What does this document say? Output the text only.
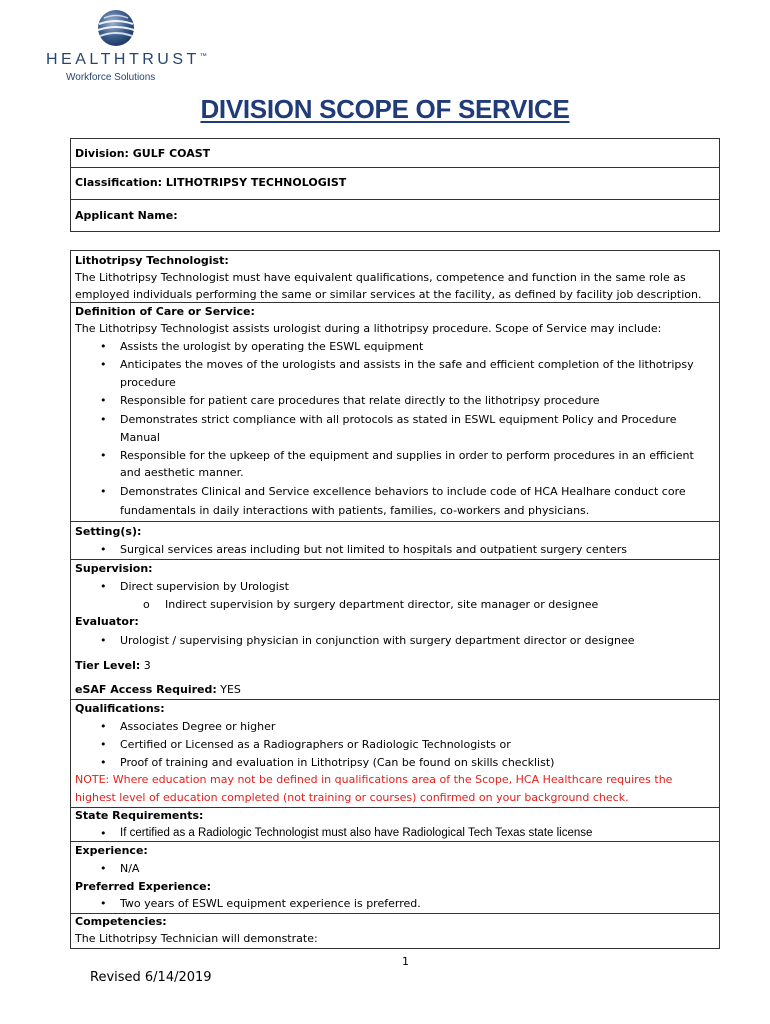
HEALTHTRUST™
Workforce Solutions
DIVISION SCOPE OF SERVICE
Division: GULF COAST
Classification: LITHOTRIPSY TECHNOLOGIST
Applicant Name:
Lithotripsy Technologist:
The Lithotripsy Technologist must have equivalent qualifications, competence and function in the same role as
employed individuals performing the same or similar services at the facility, as defined by facility job description.
Definition of Care or Service:
The Lithotripsy Technologist assists urologist during a lithotripsy procedure. Scope of Service may include:
• Assists the urologist by operating the ESWL equipment
• Anticipates the moves of the urologists and assists in the safe and efficient completion of the lithotripsy
procedure
• Responsible for patient care procedures that relate directly to the lithotripsy procedure
• Demonstrates strict compliance with all protocols as stated in ESWL equipment Policy and Procedure
Manual
• Responsible for the upkeep of the equipment and supplies in order to perform procedures in an efficient
and aesthetic manner.
• Demonstrates Clinical and Service excellence behaviors to include code of HCA Healhare conduct core
fundamentals in daily interactions with patients, families, co-workers and physicians.
Setting(s):
• Surgical services areas including but not limited to hospitals and outpatient surgery centers
Supervision:
• Direct supervision by Urologist
o Indirect supervision by surgery department director, site manager or designee
Evaluator:
• Urologist / supervising physician in conjunction with surgery department director or designee
Tier Level: 3
eSAF Access Required: YES
Qualifications:
• Associates Degree or higher
• Certified or Licensed as a Radiographers or Radiologic Technologists or
• Proof of training and evaluation in Lithotripsy (Can be found on skills checklist)
NOTE: Where education may not be defined in qualifications area of the Scope, HCA Healthcare requires the
highest level of education completed (not training or courses) confirmed on your background check.
State Requirements:
• If certified as a Radiologic Technologist must also have Radiological Tech Texas state license
Experience:
• N/A
Preferred Experience:
• Two years of ESWL equipment experience is preferred.
Competencies:
The Lithotripsy Technician will demonstrate:
1
Revised 6/14/2019
